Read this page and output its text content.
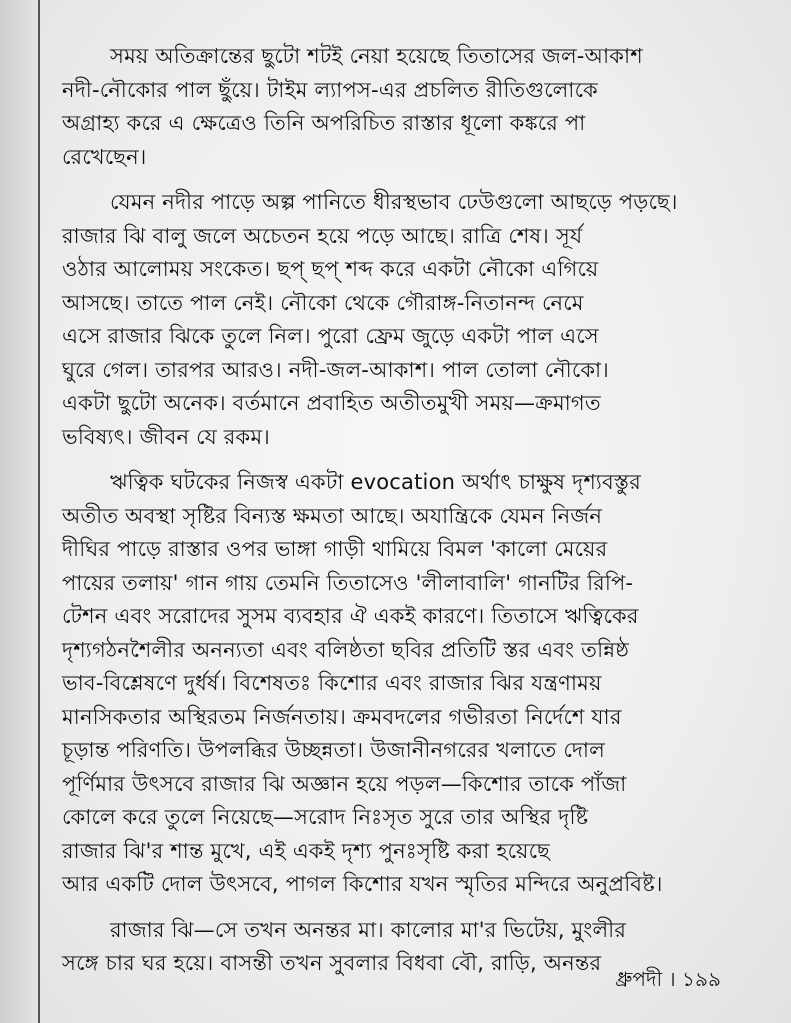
সময় অতিক্রান্তের ছুটো শটই নেয়া হয়েছে তিতাসের জল-আকাশ
নদী-নৌকোর পাল ছুঁয়ে। টাইম ল্যাপস-এর প্রচলিত রীতিগুলোকে
অগ্রাহ্য করে এ ক্ষেত্রেও তিনি অপরিচিত রাস্তার ধূলো কঙ্করে পা
রেখেছেন।
যেমন নদীর পাড়ে অল্প পানিতে ধীরস্থভাব ঢেউগুলো আছড়ে পড়ছে।
রাজার ঝি বালু জলে অচেতন হয়ে পড়ে আছে। রাত্রি শেষ। সূর্য
ওঠার আলোময় সংকেত। ছপ্ ছপ্ শব্দ করে একটা নৌকো এগিয়ে
আসছে। তাতে পাল নেই। নৌকো থেকে গৌরাঙ্গ-নিতানন্দ নেমে
এসে রাজার ঝিকে তুলে নিল। পুরো ফ্রেম জুড়ে একটা পাল এসে
ঘুরে গেল। তারপর আরও। নদী-জল-আকাশ। পাল তোলা নৌকো।
একটা ছুটো অনেক। বর্তমানে প্রবাহিত অতীতমুখী সময়—ক্রমাগত
ভবিষ্যৎ। জীবন যে রকম।
ঋত্বিক ঘটকের নিজস্ব একটা evocation অর্থাৎ চাক্ষুষ দৃশ্যবস্তুর
অতীত অবস্থা সৃষ্টির বিন্যস্ত ক্ষমতা আছে। অযান্ত্রিকে যেমন নির্জন
দীঘির পাড়ে রাস্তার ওপর ভাঙ্গা গাড়ী থামিয়ে বিমল 'কালো মেয়ের
পায়ের তলায়' গান গায় তেমনি তিতাসেও 'লীলাবালি' গানটির রিপি-
টেশন এবং সরোদের সুসম ব্যবহার ঐ একই কারণে। তিতাসে ঋত্বিকের
দৃশ্যগঠনশৈলীর অনন্যতা এবং বলিষ্ঠতা ছবির প্রতিটি স্তর এবং তন্নিষ্ঠ
ভাব-বিশ্লেষণে দুর্ধর্ষ। বিশেষতঃ কিশোর এবং রাজার ঝির যন্ত্রণাময়
মানসিকতার অস্থিরতম নির্জনতায়। ক্রমবদলের গভীরতা নির্দেশে যার
চূড়ান্ত পরিণতি। উপলব্ধির উচ্ছন্নতা। উজানীনগরের খলাতে দোল
পূর্ণিমার উৎসবে রাজার ঝি অজ্ঞান হয়ে পড়ল—কিশোর তাকে পাঁজা
কোলে করে তুলে নিয়েছে—সরোদ নিঃসৃত সুরে তার অস্থির দৃষ্টি
রাজার ঝি'র শান্ত মুখে, এই একই দৃশ্য পুনঃসৃষ্টি করা হয়েছে
আর একটি দোল উৎসবে, পাগল কিশোর যখন স্মৃতির মন্দিরে অনুপ্রবিষ্ট।
রাজার ঝি—সে তখন অনন্তর মা। কালোর মা'র ভিটেয়, মুংলীর
সঙ্গে চার ঘর হয়ে। বাসন্তী তখন সুবলার বিধবা বৌ, রাড়ি, অনন্তর
ধ্রুপদী । ১৯৯
